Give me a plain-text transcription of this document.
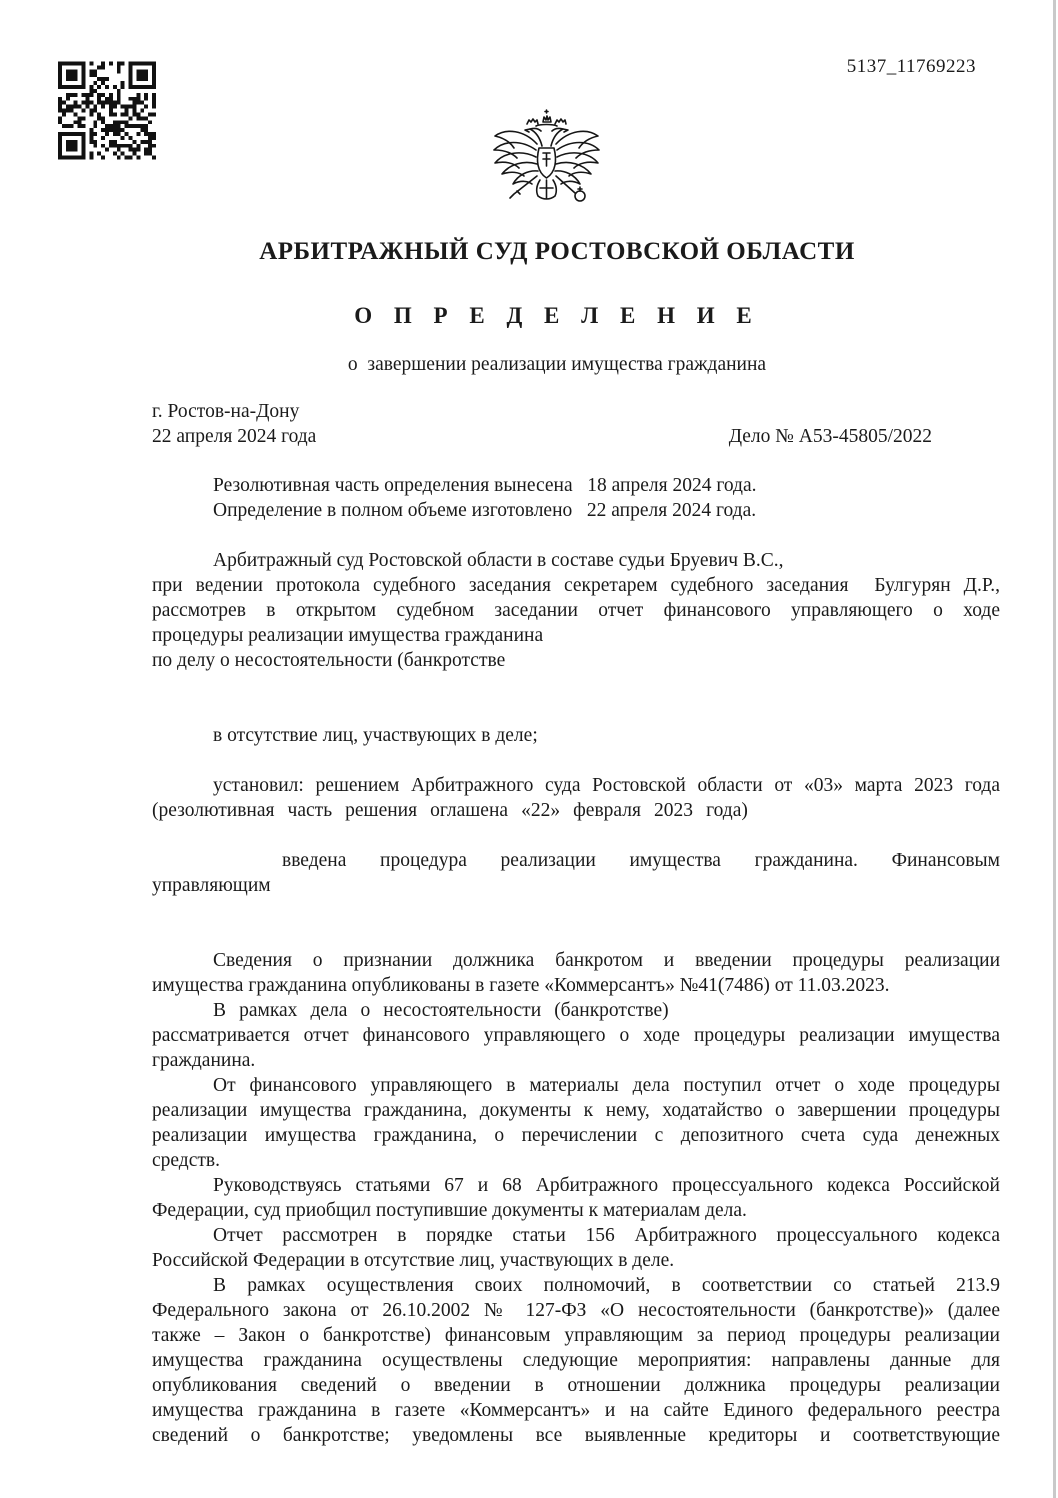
5137_11769223
АРБИТРАЖНЫЙ СУД РОСТОВСКОЙ ОБЛАСТИ
О П Р Е Д Е Л Е Н И Е
о  завершении реализации имущества гражданина
г. Ростов-на-Дону
22 апреля 2024 года	Дело № А53-45805/2022
Резолютивная часть определения вынесена   18 апреля 2024 года.
Определение в полном объеме изготовлено   22 апреля 2024 года.

Арбитражный суд Ростовской области в составе судьи Бруевич В.С.,
при ведении протокола судебного заседания секретарем судебного заседания  Булгурян Д.Р.,
рассмотрев в открытом судебном заседании отчет финансового управляющего о ходе
процедуры реализации имущества гражданина
по делу о несостоятельности (банкротстве

в отсутствие лиц, участвующих в деле;

установил: решением Арбитражного суда Ростовской области от «03» марта 2023 года
(резолютивная часть решения оглашена «22» февраля 2023 года)

введена процедура реализации имущества гражданина. Финансовым
управляющим

Сведения о признании должника банкротом и введении процедуры реализации
имущества гражданина опубликованы в газете «Коммерсантъ» №41(7486) от 11.03.2023.
В рамках дела о несостоятельности (банкротстве)
рассматривается отчет финансового управляющего о ходе процедуры реализации имущества
гражданина.
От финансового управляющего в материалы дела поступил отчет о ходе процедуры
реализации имущества гражданина, документы к нему, ходатайство о завершении процедуры
реализации имущества гражданина, о перечислении с депозитного счета суда денежных
средств.
Руководствуясь статьями 67 и 68 Арбитражного процессуального кодекса Российской
Федерации, суд приобщил поступившие документы к материалам дела.
Отчет рассмотрен в порядке статьи 156 Арбитражного процессуального кодекса
Российской Федерации в отсутствие лиц, участвующих в деле.
В рамках осуществления своих полномочий, в соответствии со статьей 213.9
Федерального закона от 26.10.2002 № 127-ФЗ «О несостоятельности (банкротстве)» (далее
также – Закон о банкротстве) финансовым управляющим за период процедуры реализации
имущества гражданина осуществлены следующие мероприятия: направлены данные для
опубликования сведений о введении в отношении должника процедуры реализации
имущества гражданина в газете «Коммерсантъ» и на сайте Единого федерального реестра
сведений о банкротстве; уведомлены все выявленные кредиторы и соответствующие
